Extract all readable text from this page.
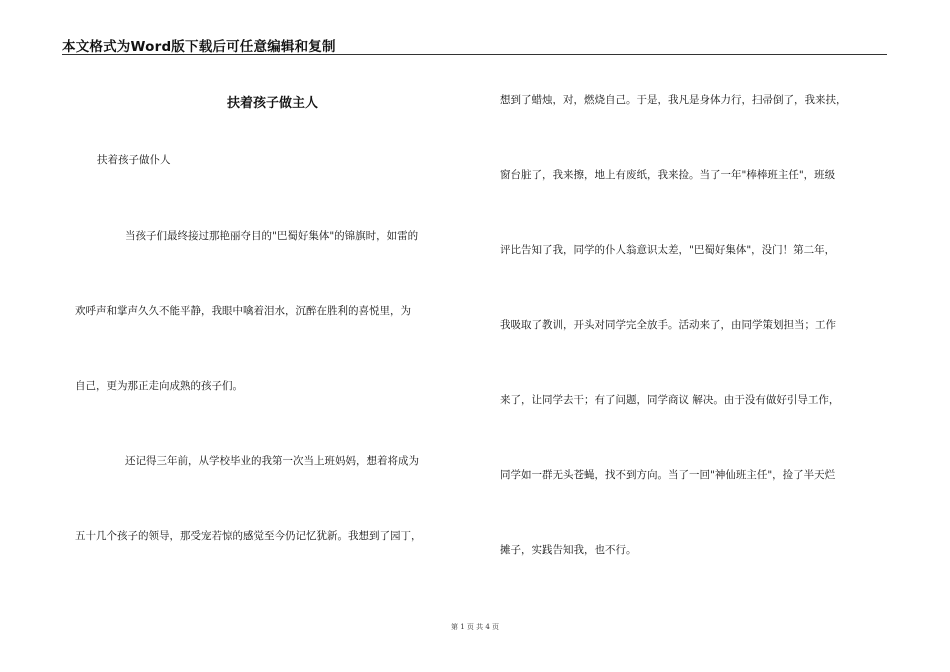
本文格式为Word版下载后可任意编辑和复制
扶着孩子做主人
扶着孩子做仆人
当孩子们最终接过那艳丽夺目的"巴蜀好集体"的锦旗时，如雷的
欢呼声和掌声久久不能平静，我眼中噙着泪水，沉醉在胜利的喜悦里，为
自己，更为那正走向成熟的孩子们。
还记得三年前，从学校毕业的我第一次当上班妈妈，想着将成为
五十几个孩子的领导，那受宠若惊的感觉至今仍记忆犹新。我想到了园丁，
想到了蜡烛，对，燃烧自己。于是，我凡是身体力行，扫帚倒了，我来扶，
窗台脏了，我来擦，地上有废纸，我来捡。当了一年"棒棒班主任"，班级
评比告知了我，同学的仆人翁意识太差，"巴蜀好集体"，没门！第二年，
我吸取了教训，开头对同学完全放手。活动来了，由同学策划担当；工作
来了，让同学去干；有了问题，同学商议 解决。由于没有做好引导工作，
同学如一群无头苍蝇，找不到方向。当了一回"神仙班主任"，捡了半天烂
摊子，实践告知我，也不行。
第 1 页 共 4 页
